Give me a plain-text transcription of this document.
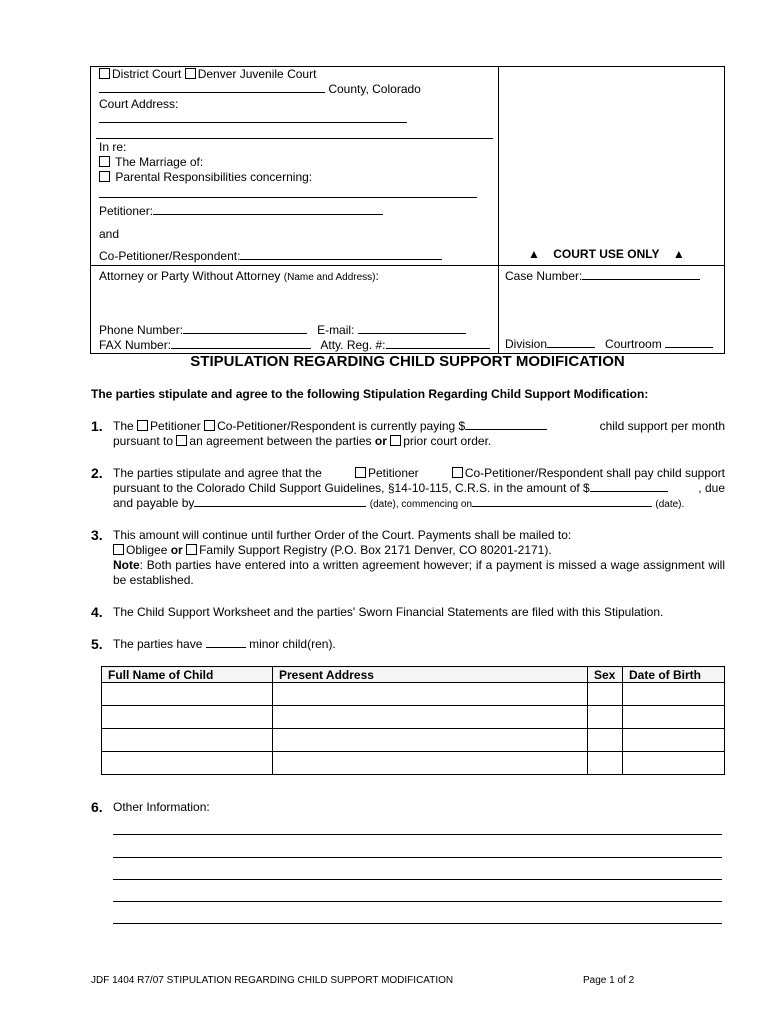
District Court Denver Juvenile Court
County, Colorado
Court Address:
In re:
The Marriage of:
Parental Responsibilities concerning:
Petitioner:
and
Co-Petitioner/Respondent:	▲ COURT USE ONLY ▲
Attorney or Party Without Attorney (Name and Address):	Case Number:
Phone Number:	E-mail:
FAX Number:	Atty. Reg. #:	Division	Courtroom
STIPULATION REGARDING CHILD SUPPORT MODIFICATION
The parties stipulate and agree to the following Stipulation Regarding Child Support Modification:
1. The Petitioner Co-Petitioner/Respondent is currently paying $	child support per month
pursuant to an agreement between the parties or prior court order.
2. The parties stipulate and agree that the	Petitioner	Co-Petitioner/Respondent shall pay child support
pursuant to the Colorado Child Support Guidelines, §14-10-115, C.R.S. in the amount of $	, due
and payable by	(date), commencing on	(date).
3. This amount will continue until further Order of the Court. Payments shall be mailed to:
Obligee or Family Support Registry (P.O. Box 2171 Denver, CO 80201-2171).
Note: Both parties have entered into a written agreement however; if a payment is missed a wage assignment will be established.
4. The Child Support Worksheet and the parties' Sworn Financial Statements are filed with this Stipulation.
5. The parties have	minor child(ren).
Full Name of Child	Present Address	Sex	Date of Birth

6. Other Information:
JDF 1404 R7/07 STIPULATION REGARDING CHILD SUPPORT MODIFICATION	Page 1 of 2
